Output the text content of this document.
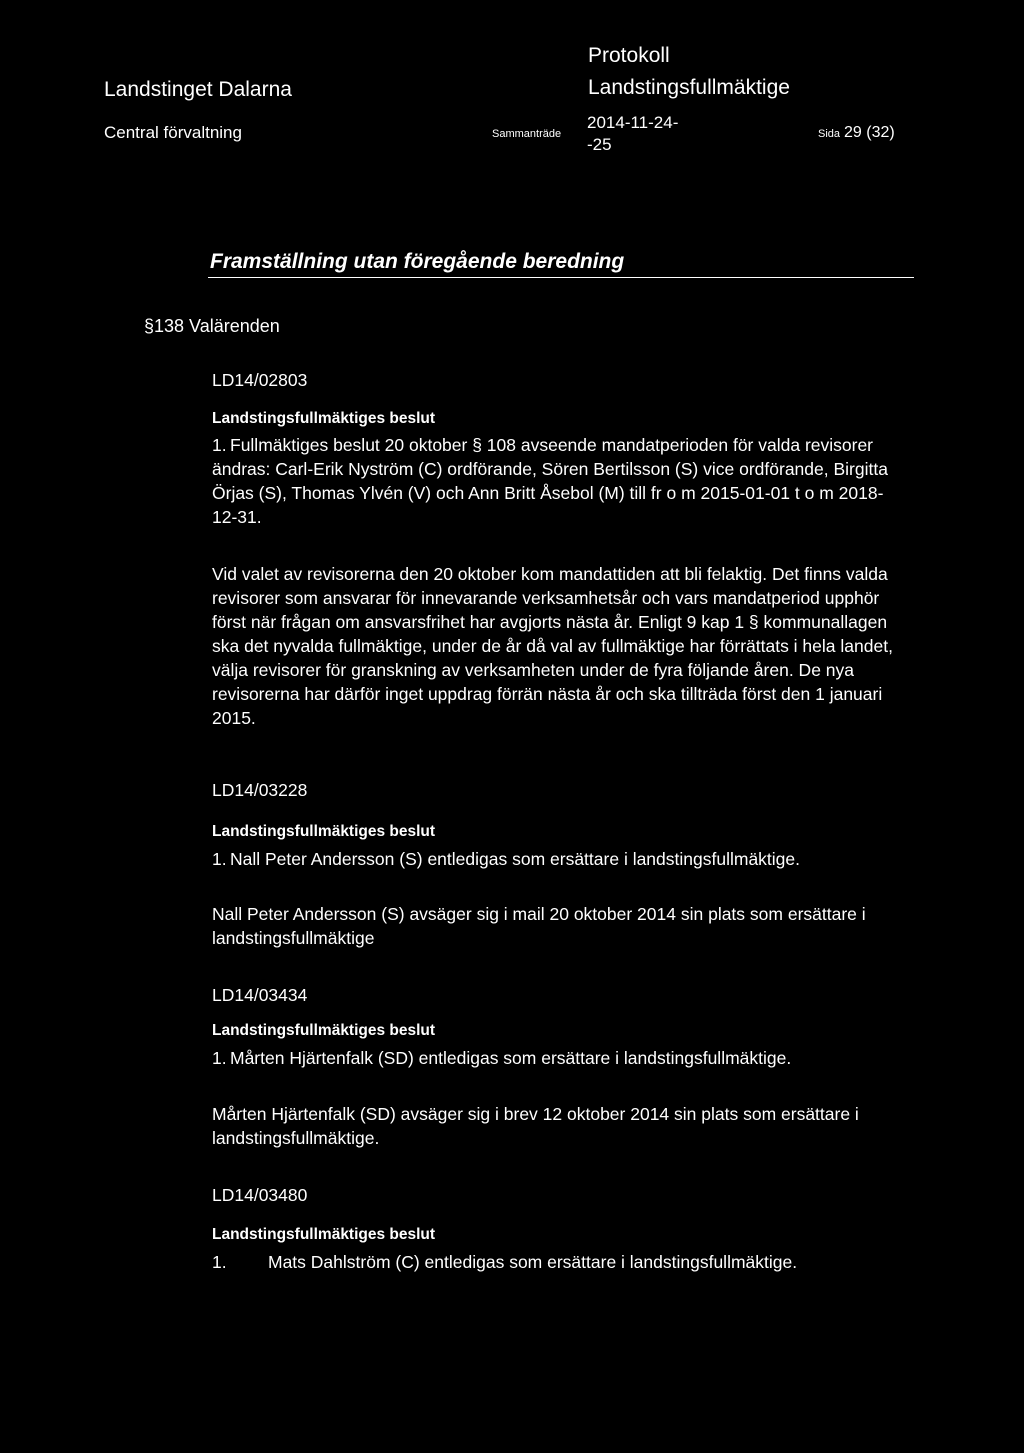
Landstinget Dalarna
Central förvaltning
Protokoll
Landstingsfullmäktige
Sammanträde
2014-11-24-
-25
Sida 29 (32)
Framställning utan föregående beredning
§138 Valärenden
LD14/02803
Landstingsfullmäktiges beslut
1. Fullmäktiges beslut 20 oktober § 108 avseende mandatperioden för valda revisorer ändras: Carl-Erik Nyström (C) ordförande, Sören Bertilsson (S) vice ordförande, Birgitta Örjas (S), Thomas Ylvén (V) och Ann Britt Åsebol (M) till fr o m 2015-01-01 t o m 2018-12-31.
Vid valet av revisorerna den 20 oktober kom mandattiden att bli felaktig. Det finns valda revisorer som ansvarar för innevarande verksamhetsår och vars mandatperiod upphör först när frågan om ansvarsfrihet har avgjorts nästa år. Enligt 9 kap 1 § kommunallagen ska det nyvalda fullmäktige, under de år då val av fullmäktige har förrättats i hela landet, välja revisorer för granskning av verksamheten under de fyra följande åren. De nya revisorerna har därför inget uppdrag förrän nästa år och ska tillträda först den 1 januari 2015.
LD14/03228
Landstingsfullmäktiges beslut
1. Nall Peter Andersson (S) entledigas som ersättare i landstingsfullmäktige.
Nall Peter Andersson (S) avsäger sig i mail 20 oktober 2014 sin plats som ersättare i landstingsfullmäktige
LD14/03434
Landstingsfullmäktiges beslut
1. Mårten Hjärtenfalk (SD) entledigas som ersättare i landstingsfullmäktige.
Mårten Hjärtenfalk (SD) avsäger sig i brev 12 oktober 2014 sin plats som ersättare i landstingsfullmäktige.
LD14/03480
Landstingsfullmäktiges beslut
1. Mats Dahlström (C) entledigas som ersättare i landstingsfullmäktige.
